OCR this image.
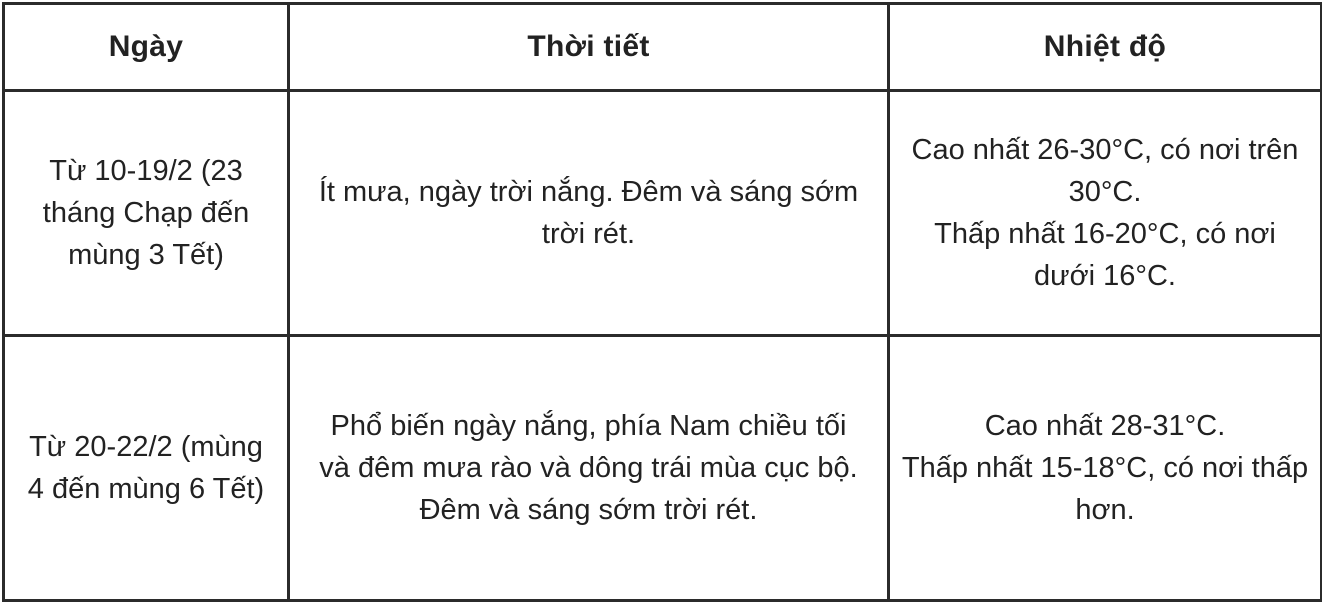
Ngày	Thời tiết	Nhiệt độ

Từ 10-19/2 (23 tháng Chạp đến mùng 3 Tết)	Ít mưa, ngày trời nắng. Đêm và sáng sớm trời rét.	Cao nhất 26-30°C, có nơi trên 30°C.
Thấp nhất 16-20°C, có nơi dưới 16°C.

Từ 20-22/2 (mùng 4 đến mùng 6 Tết)	Phổ biến ngày nắng, phía Nam chiều tối và đêm mưa rào và dông trái mùa cục bộ. Đêm và sáng sớm trời rét.	Cao nhất 28-31°C.
Thấp nhất 15-18°C, có nơi thấp hơn.
